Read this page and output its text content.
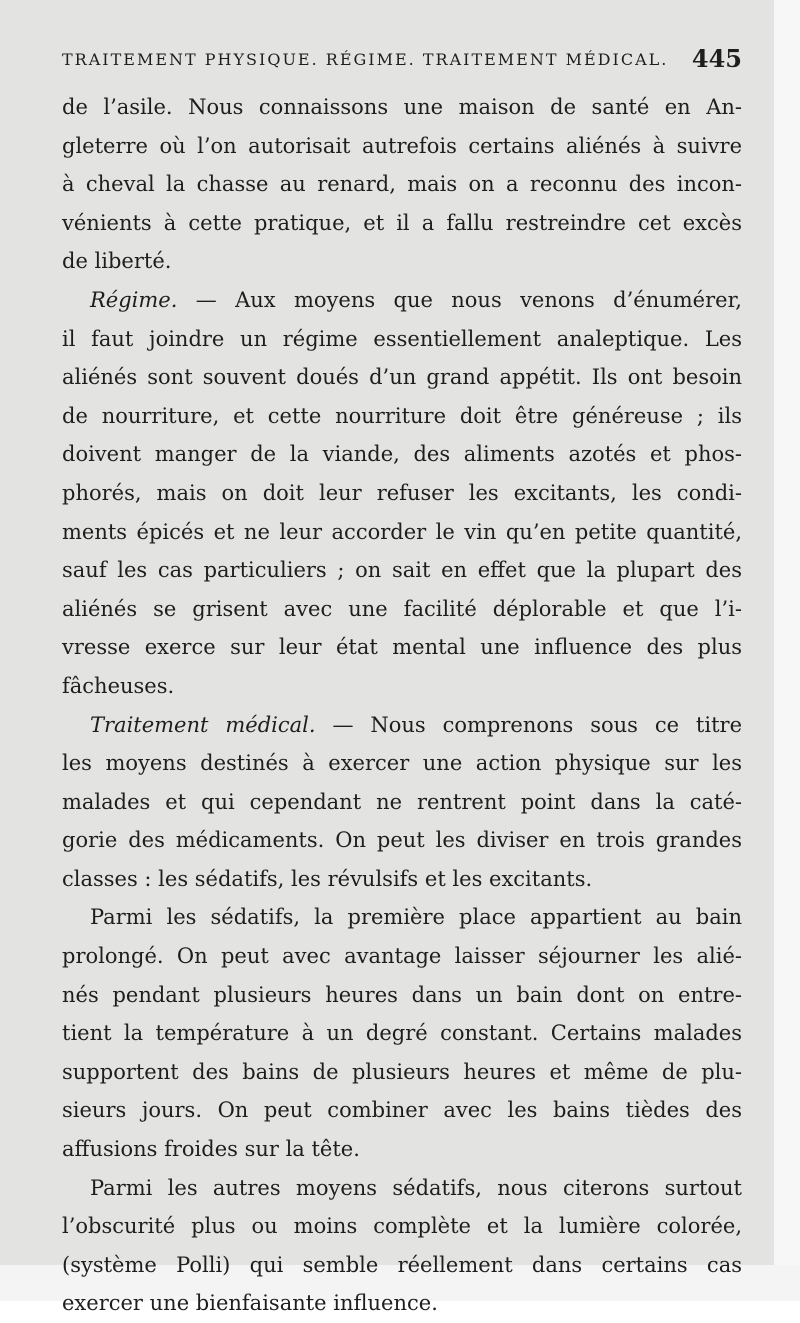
TRAITEMENT PHYSIQUE. RÉGIME. TRAITEMENT MÉDICAL. 445
de l’asile. Nous connaissons une maison de santé en An-
gleterre où l’on autorisait autrefois certains aliénés à suivre
à cheval la chasse au renard, mais on a reconnu des incon-
vénients à cette pratique, et il a fallu restreindre cet excès
de liberté.
Régime. — Aux moyens que nous venons d’énumérer,
il faut joindre un régime essentiellement analeptique. Les
aliénés sont souvent doués d’un grand appétit. Ils ont besoin
de nourriture, et cette nourriture doit être généreuse ; ils
doivent manger de la viande, des aliments azotés et phos-
phorés, mais on doit leur refuser les excitants, les condi-
ments épicés et ne leur accorder le vin qu’en petite quantité,
sauf les cas particuliers ; on sait en effet que la plupart des
aliénés se grisent avec une facilité déplorable et que l’i-
vresse exerce sur leur état mental une influence des plus
fâcheuses.
Traitement médical. — Nous comprenons sous ce titre
les moyens destinés à exercer une action physique sur les
malades et qui cependant ne rentrent point dans la caté-
gorie des médicaments. On peut les diviser en trois grandes
classes : les sédatifs, les révulsifs et les excitants.
Parmi les sédatifs, la première place appartient au bain
prolongé. On peut avec avantage laisser séjourner les alié-
nés pendant plusieurs heures dans un bain dont on entre-
tient la température à un degré constant. Certains malades
supportent des bains de plusieurs heures et même de plu-
sieurs jours. On peut combiner avec les bains tièdes des
affusions froides sur la tête.
Parmi les autres moyens sédatifs, nous citerons surtout
l’obscurité plus ou moins complète et la lumière colorée,
(système Polli) qui semble réellement dans certains cas
exercer une bienfaisante influence.
